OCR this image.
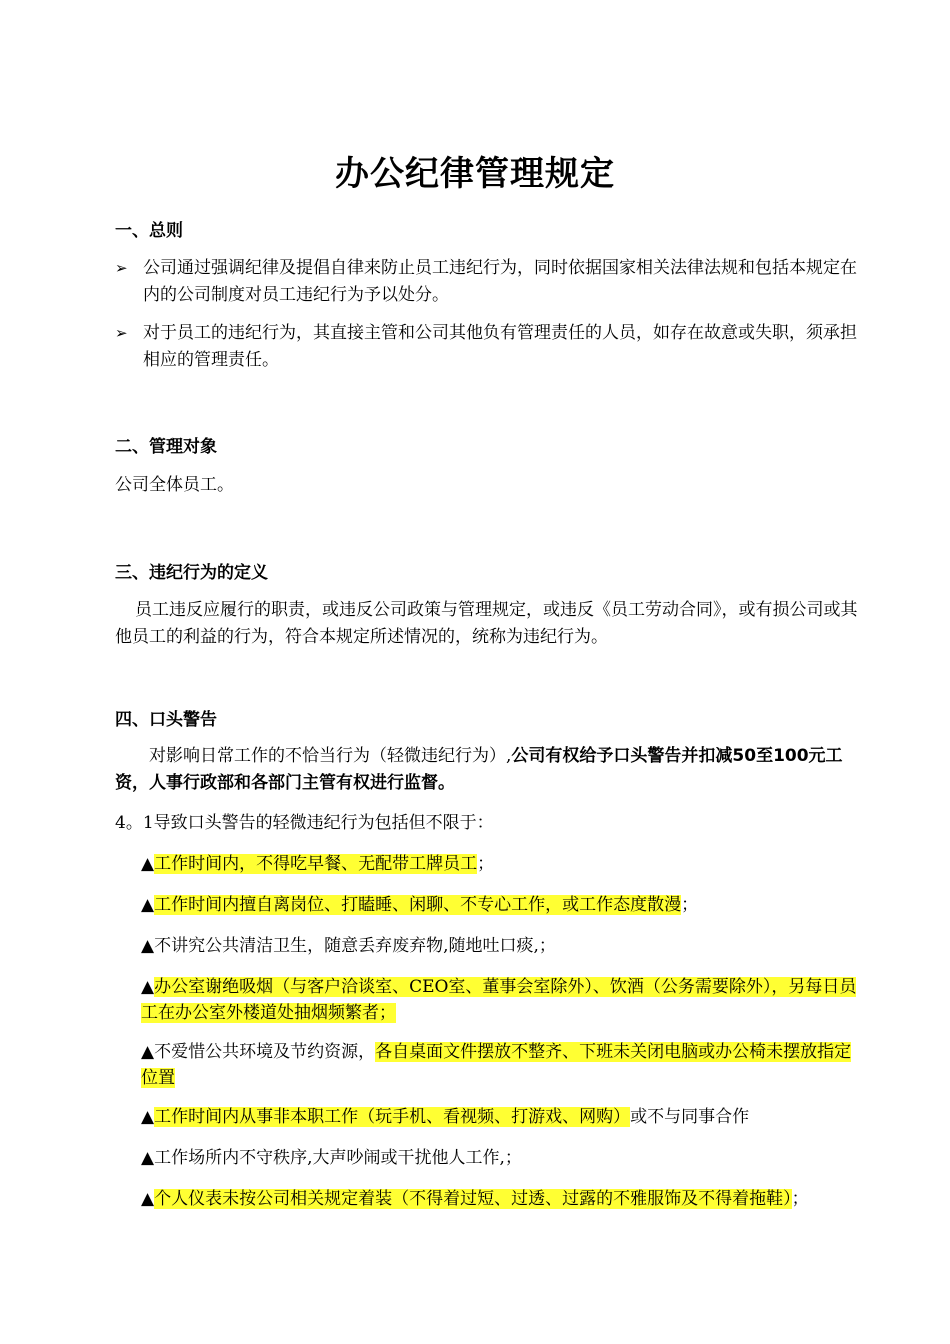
办公纪律管理规定
一、总则
➢ 公司通过强调纪律及提倡自律来防止员工违纪行为，同时依据国家相关法律法规和包括本规定在内的公司制度对员工违纪行为予以处分。
➢ 对于员工的违纪行为，其直接主管和公司其他负有管理责任的人员，如存在故意或失职，须承担相应的管理责任。
二、管理对象
公司全体员工。
三、违纪行为的定义
员工违反应履行的职责，或违反公司政策与管理规定，或违反《员工劳动合同》，或有损公司或其他员工的利益的行为，符合本规定所述情况的，统称为违纪行为。
四、口头警告
对影响日常工作的不恰当行为（轻微违纪行为）,公司有权给予口头警告并扣减50至100元工资，人事行政部和各部门主管有权进行监督。
4。1导致口头警告的轻微违纪行为包括但不限于：
▲工作时间内，不得吃早餐、无配带工牌员工；
▲工作时间内擅自离岗位、打瞌睡、闲聊、不专心工作，或工作态度散漫；
▲不讲究公共清洁卫生，随意丢弃废弃物,随地吐口痰,；
▲办公室谢绝吸烟（与客户洽谈室、CEO室、董事会室除外）、饮酒（公务需要除外），另每日员工在办公室外楼道处抽烟频繁者；
▲不爱惜公共环境及节约资源，各自桌面文件摆放不整齐、下班未关闭电脑或办公椅未摆放指定位置
▲工作时间内从事非本职工作（玩手机、看视频、打游戏、网购）或不与同事合作
▲工作场所内不守秩序,大声吵闹或干扰他人工作,；
▲个人仪表未按公司相关规定着装（不得着过短、过透、过露的不雅服饰及不得着拖鞋）；
